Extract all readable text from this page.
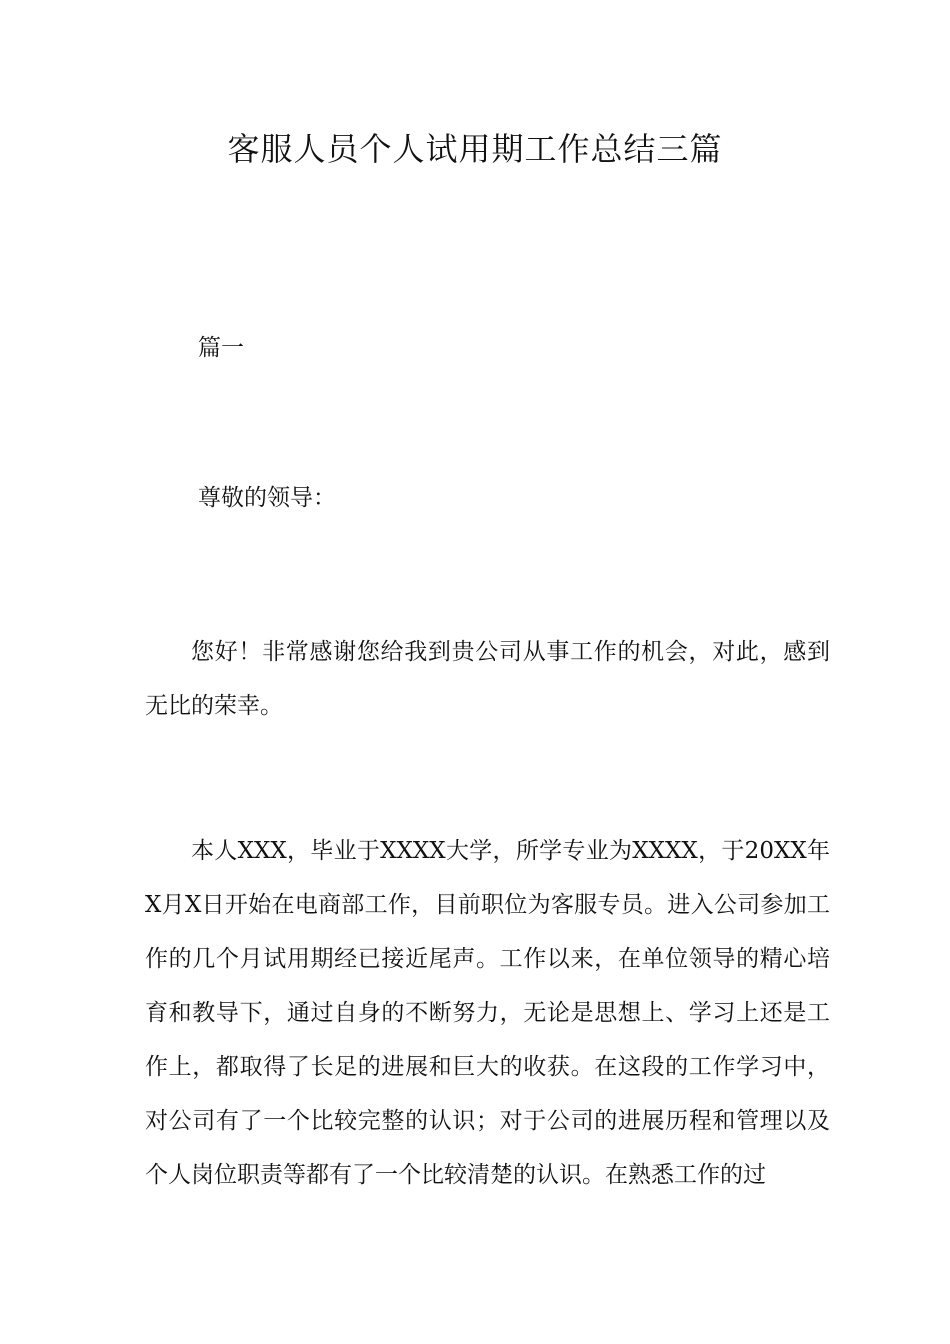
客服人员个人试用期工作总结三篇

篇一

尊敬的领导：

您好！非常感谢您给我到贵公司从事工作的机会，对此，感到无比的荣幸。

本人XXX，毕业于XXXX大学，所学专业为XXXX，于20XX年X月X日开始在电商部工作，目前职位为客服专员。进入公司参加工作的几个月试用期经已接近尾声。工作以来，在单位领导的精心培育和教导下，通过自身的不断努力，无论是思想上、学习上还是工作上，都取得了长足的进展和巨大的收获。在这段的工作学习中，对公司有了一个比较完整的认识；对于公司的进展历程和管理以及个人岗位职责等都有了一个比较清楚的认识。在熟悉工作的过
